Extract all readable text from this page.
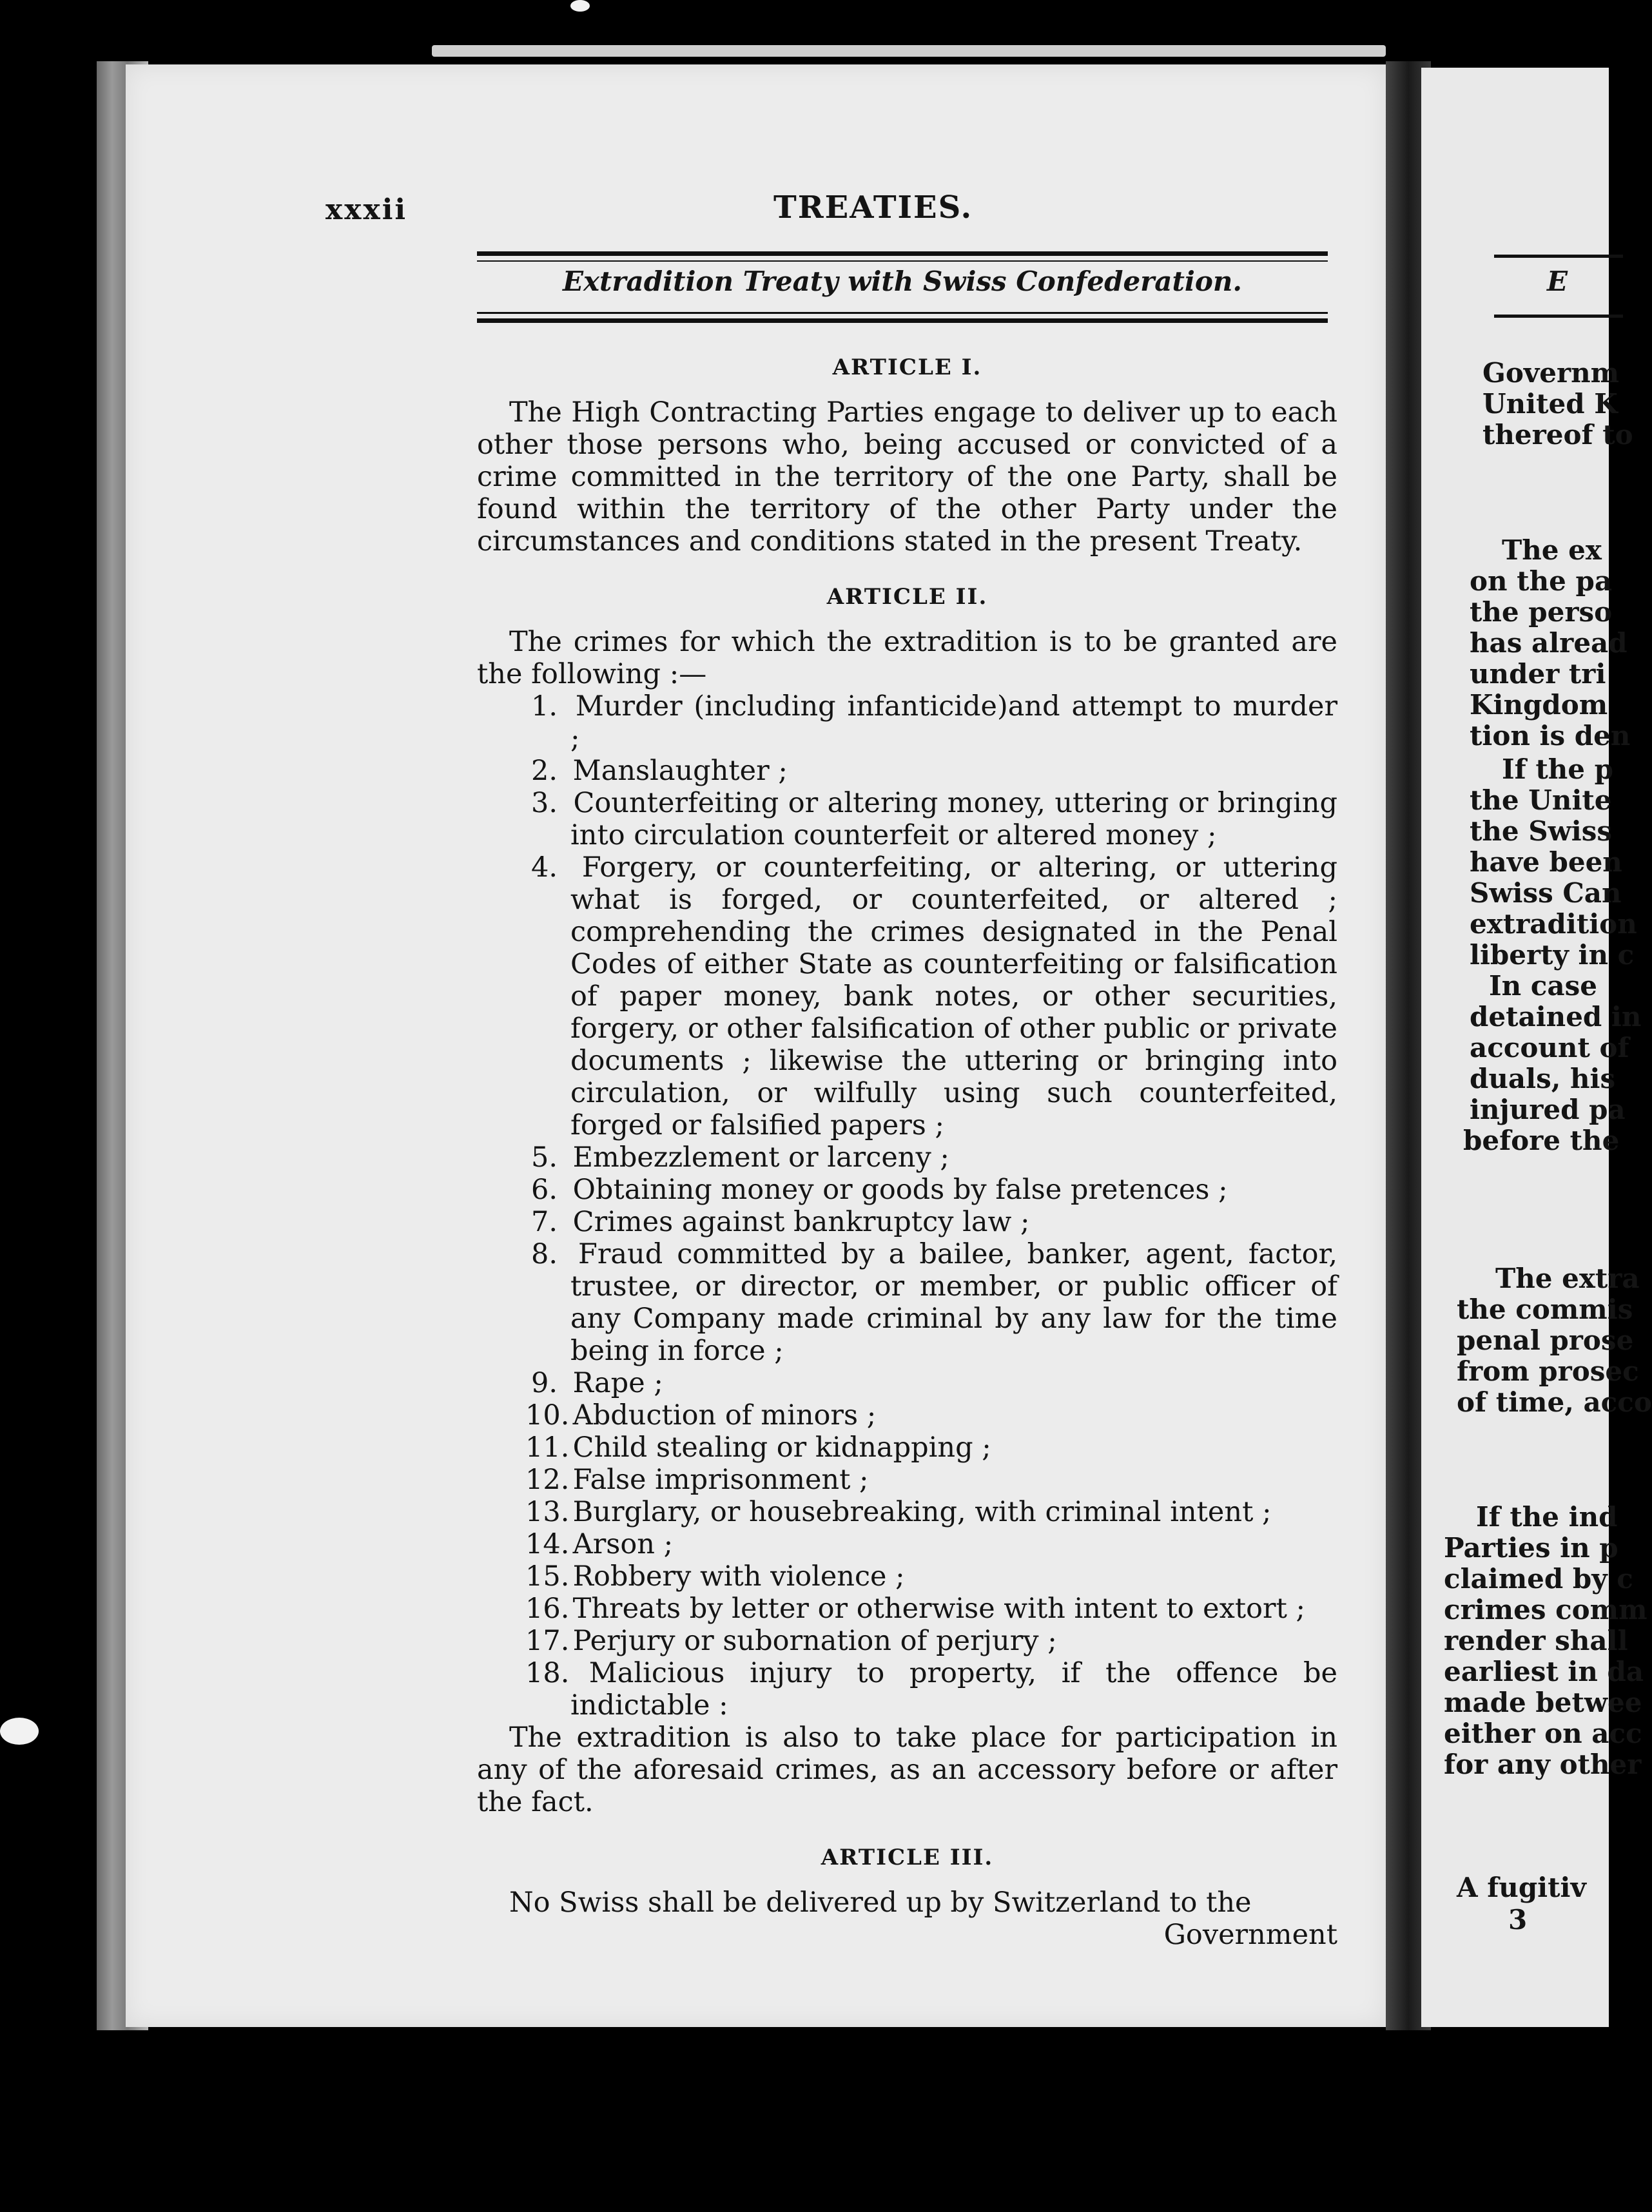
xxxii	TREATIES.
Extradition Treaty with Swiss Confederation.
ARTICLE I.

The High Contracting Parties engage to deliver up to each other those persons who, being accused or convicted of a crime committed in the territory of the one Party, shall be found within the territory of the other Party under the circumstances and conditions stated in the present Treaty.

ARTICLE II.

The crimes for which the extradition is to be granted are the following :—

1. Murder (including infanticide)and attempt to murder ;
2. Manslaughter ;
3. Counterfeiting or altering money, uttering or bringing into circulation counterfeit or altered money ;
4. Forgery, or counterfeiting, or altering, or uttering what is forged, or counterfeited, or altered ; comprehending the crimes designated in the Penal Codes of either State as counterfeiting or falsification of paper money, bank notes, or other securities, forgery, or other falsification of other public or private documents ; likewise the uttering or bringing into circulation, or wilfully using such counterfeited, forged or falsified papers ;
5. Embezzlement or larceny ;
6. Obtaining money or goods by false pretences ;
7. Crimes against bankruptcy law ;
8. Fraud committed by a bailee, banker, agent, factor, trustee, or director, or member, or public officer of any Company made criminal by any law for the time being in force ;
9. Rape ;
10. Abduction of minors ;
11. Child stealing or kidnapping ;
12. False imprisonment ;
13. Burglary, or housebreaking, with criminal intent ;
14. Arson ;
15. Robbery with violence ;
16. Threats by letter or otherwise with intent to extort ;
17. Perjury or subornation of perjury ;
18. Malicious injury to property, if the offence be indictable :

The extradition is also to take place for participation in any of the aforesaid crimes, as an accessory before or after the fact.

ARTICLE III.

No Swiss shall be delivered up by Switzerland to the

Government

E
Governm
United K
thereof to
The ex
on the pa
the perso
has alread
under tri
Kingdom
tion is den
If the p
the Unite
the Swiss
have been
Swiss Can
extradition
liberty in c
In case
detained in
account of
duals, his
injured pa
before the
The extra
the commis
penal prose
from prosec
of time, acco
If the ind
Parties in p
claimed by c
crimes comm
render shall
earliest in da
made betwee
either on acc
for any other
A fugitiv
3
